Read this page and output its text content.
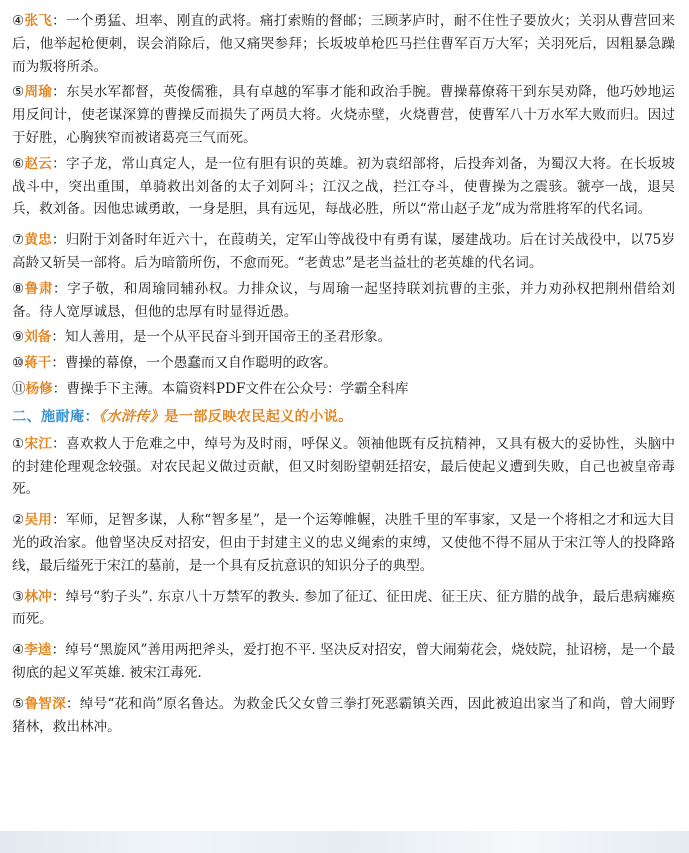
④张飞：一个勇猛、坦率、刚直的武将。痛打索贿的督邮；三顾茅庐时，耐不住性子要放火；关羽从曹营回来后，他举起枪便刺，误会消除后，他又痛哭参拜；长坂坡单枪匹马拦住曹军百万大军；关羽死后，因粗暴急躁而为叛将所杀。

⑤周瑜：东吴水军都督，英俊儒雅，具有卓越的军事才能和政治手腕。曹操幕僚蒋干到东吴劝降，他巧妙地运用反间计，使老谋深算的曹操反而损失了两员大将。火烧赤壁，火烧曹营，使曹军八十万水军大败而归。因过于好胜，心胸狭窄而被诸葛亮三气而死。

⑥赵云：字子龙，常山真定人，是一位有胆有识的英雄。初为袁绍部将，后投奔刘备，为蜀汉大将。在长坂坡战斗中，突出重围，单骑救出刘备的太子刘阿斗；江汉之战，拦江夺斗，使曹操为之震骇。虢亭一战，退吴兵，救刘备。因他忠诚勇敢，一身是胆，具有远见，每战必胜，所以“常山赵子龙”成为常胜将军的代名词。

⑦黄忠：归附于刘备时年近六十，在葭萌关，定军山等战役中有勇有谋，屡建战功。后在讨关战役中，以75岁高龄又斩吴一部将。后为暗箭所伤，不愈而死。“老黄忠”是老当益壮的老英雄的代名词。

⑧鲁肃：字子敬，和周瑜同辅孙权。力排众议，与周瑜一起坚持联刘抗曹的主张，并力劝孙权把荆州借给刘备。待人宽厚诚恳，但他的忠厚有时显得近愚。

⑨刘备：知人善用，是一个从平民奋斗到开国帝王的圣君形象。

⑩蒋干：曹操的幕僚，一个愚蠢而又自作聪明的政客。

⑪杨修：曹操手下主薄。本篇资料PDF文件在公众号：学霸全科库

二、施耐庵：《水浒传》是一部反映农民起义的小说。

①宋江：喜欢救人于危难之中，绰号为及时雨，呼保义。领袖他既有反抗精神，又具有极大的妥协性，头脑中的封建伦理观念较强。对农民起义做过贡献，但又时刻盼望朝廷招安，最后使起义遭到失败，自己也被皇帝毒死。

②吴用：军师，足智多谋，人称“智多星”，是一个运筹帷幄，决胜千里的军事家，又是一个将相之才和远大目光的政治家。他曾坚决反对招安，但由于封建主义的忠义绳索的束缚，又使他不得不屈从于宋江等人的投降路线，最后缢死于宋江的墓前，是一个具有反抗意识的知识分子的典型。

③林冲：绰号“豹子头”. 东京八十万禁军的教头. 参加了征辽、征田虎、征王庆、征方腊的战争，最后患病瘫痪而死。

④李逵：绰号“黑旋风”善用两把斧头，爱打抱不平. 坚决反对招安，曾大闹菊花会，烧妓院，扯诏榜，是一个最彻底的起义军英雄. 被宋江毒死.

⑤鲁智深：绰号“花和尚”原名鲁达。为救金氏父女曾三拳打死恶霸镇关西，因此被迫出家当了和尚，曾大闹野猪林，救出林冲。
